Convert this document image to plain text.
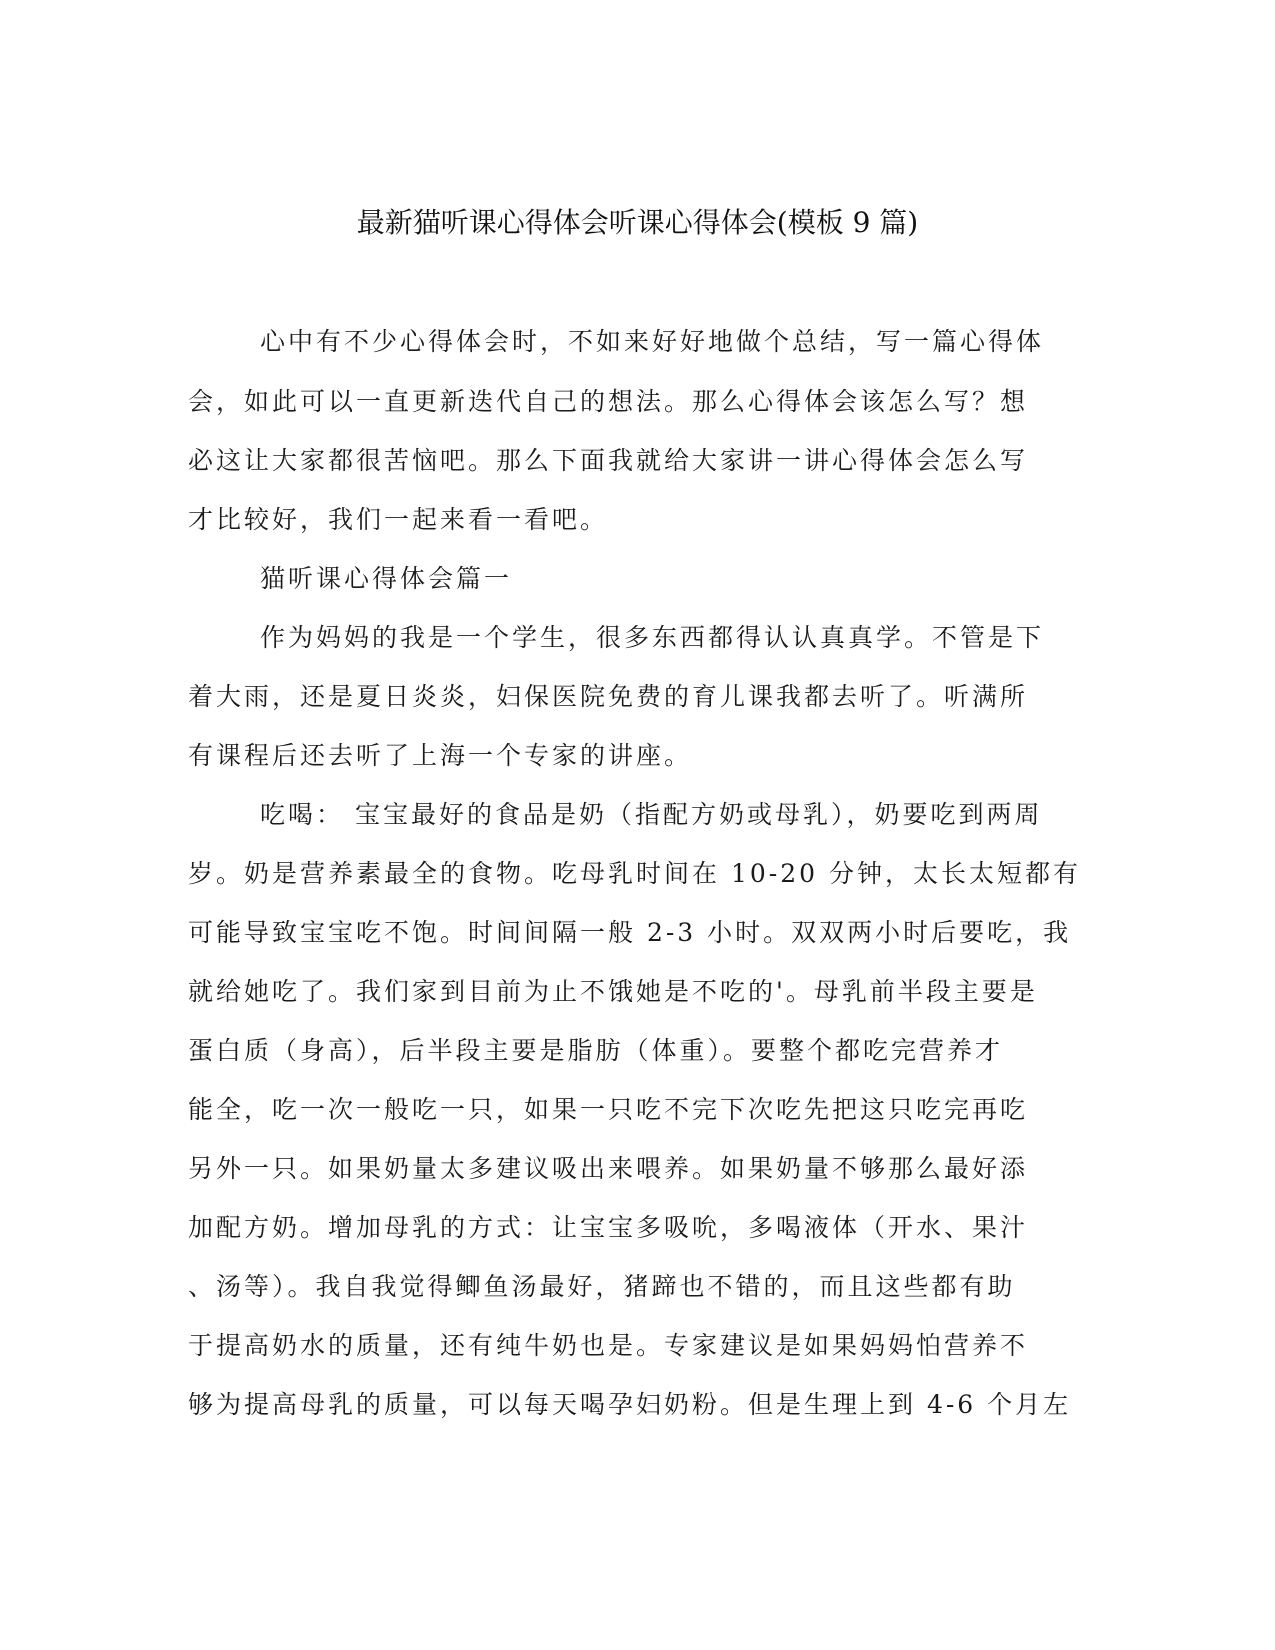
最新猫听课心得体会听课心得体会(模板 9 篇)
心中有不少心得体会时，不如来好好地做个总结，写一篇心得体
会，如此可以一直更新迭代自己的想法。那么心得体会该怎么写？想
必这让大家都很苦恼吧。那么下面我就给大家讲一讲心得体会怎么写
才比较好，我们一起来看一看吧。
猫听课心得体会篇一
作为妈妈的我是一个学生，很多东西都得认认真真学。不管是下
着大雨，还是夏日炎炎，妇保医院免费的育儿课我都去听了。听满所
有课程后还去听了上海一个专家的讲座。
吃喝： 宝宝最好的食品是奶（指配方奶或母乳），奶要吃到两周
岁。奶是营养素最全的食物。吃母乳时间在 10-20 分钟，太长太短都有
可能导致宝宝吃不饱。时间间隔一般 2-3 小时。双双两小时后要吃，我
就给她吃了。我们家到目前为止不饿她是不吃的'。母乳前半段主要是
蛋白质（身高），后半段主要是脂肪（体重）。要整个都吃完营养才
能全，吃一次一般吃一只，如果一只吃不完下次吃先把这只吃完再吃
另外一只。如果奶量太多建议吸出来喂养。如果奶量不够那么最好添
加配方奶。增加母乳的方式：让宝宝多吸吮，多喝液体（开水、果汁
、汤等）。我自我觉得鲫鱼汤最好，猪蹄也不错的，而且这些都有助
于提高奶水的质量，还有纯牛奶也是。专家建议是如果妈妈怕营养不
够为提高母乳的质量，可以每天喝孕妇奶粉。但是生理上到 4-6 个月左
